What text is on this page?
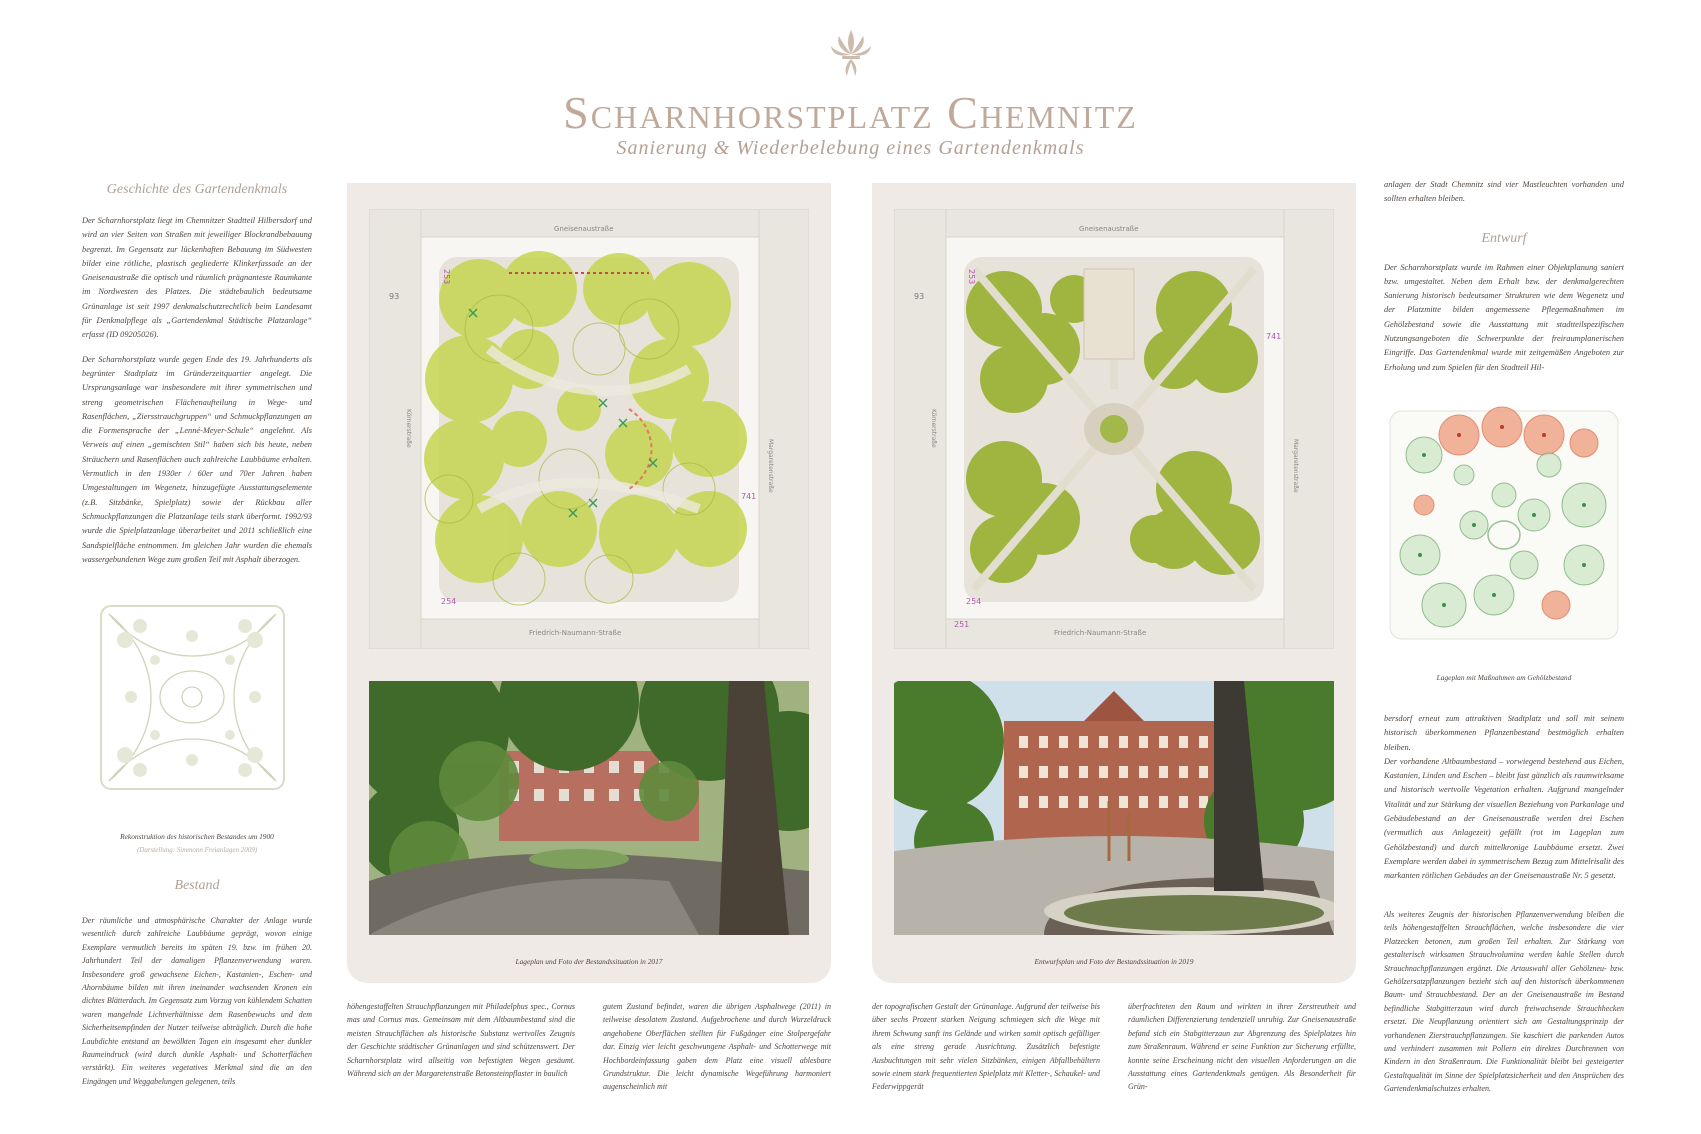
Scharnhorstplatz Chemnitz
Sanierung & Wiederbelebung eines Gartendenkmals
Geschichte des Gartendenkmals

Der Scharnhorstplatz liegt im Chemnitzer Stadtteil Hilbersdorf und wird an vier Seiten von Straßen mit jeweiliger Blockrandbebauung begrenzt. Im Gegensatz zur lückenhaften Bebauung im Südwesten bildet eine rötliche, plastisch gegliederte Klinkerfassade an der Gneisenaustraße die optisch und räumlich prägnanteste Raumkante im Nordwesten des Platzes. Die städtebaulich bedeutsame Grünanlage ist seit 1997 denkmalschutzrechtlich beim Landesamt für Denkmalpflege als „Gartendenkmal Städtische Platzanlage“ erfasst (ID 09205026).

Der Scharnhorstplatz wurde gegen Ende des 19. Jahrhunderts als begrünter Stadtplatz im Gründerzeitquartier angelegt. Die Ursprungsanlage war insbesondere mit ihrer symmetrischen und streng geometrischen Flächenaufteilung in Wege- und Rasenflächen, „Ziersstrauchgruppen“ und Schmuckpflanzungen an die Formensprache der „Lenné-Meyer-Schule“ angelehnt. Als Verweis auf einen „gemischten Stil“ haben sich bis heute, neben Sträuchern und Rasenflächen auch zahlreiche Laubbäume erhalten. Vermutlich in den 1930er / 60er und 70er Jahren haben Umgestaltungen im Wegenetz, hinzugefügte Ausstattungselemente (z.B. Sitzbänke, Spielplatz) sowie der Rückbau aller Schmuckpflanzungen die Platzanlage teils stark überformt. 1992/93 wurde die Spielplatzanlage überarbeitet und 2011 schließlich eine Sandspielfläche entnommen. Im gleichen Jahr wurden die ehemals wassergebundenen Wege zum großen Teil mit Asphalt überzogen.

Rekonstruktion des historischen Bestandes um 1900
(Darstellung: Simmonn Freianlagen 2009)
Bestand

Der räumliche und atmosphärische Charakter der Anlage wurde wesentlich durch zahlreiche Laubbäume geprägt, wovon einige Exemplare vermutlich bereits im späten 19. bzw. im frühen 20. Jahrhundert Teil der damaligen Pflanzenverwendung waren. Insbesondere groß gewachsene Eichen-, Kastanien-, Eschen- und Ahornbäume bilden mit ihren ineinander wachsenden Kronen ein dichtes Blätterdach. Im Gegensatz zum Vorzug von kühlendem Schatten waren mangelnde Lichtverhältnisse dem Rasenbewuchs und dem Sicherheitsempfinden der Nutzer teilweise abträglich. Durch die hohe Laubdichte entstand an bewölkten Tagen ein insgesamt eher dunkler Raumeindruck (wird durch dunkle Asphalt- und Schotterflächen verstärkt). Ein weiteres vegetatives Merkmal sind die an den Eingängen und Weggabelungen gelegenen, teils

Gneisenaustraße
Friedrich-Naumann-Straße
Körnerstraße
Margaretenstraße
253
254
741
93
Lageplan und Foto der Bestandssituation in 2017
Gneisenaustraße
Friedrich-Naumann-Straße
Körnerstraße
Margaretenstraße
253
254
741
251
93
Entwurfsplan und Foto der Bestandssituation in 2019
höhengestaffelten Strauchpflanzungen mit Philadelphus spec., Cornus mas und Cornus mas. Gemeinsam mit dem Altbaumbestand sind die meisten Strauchflächen als historische Substanz wertvolles Zeugnis der Geschichte städtischer Grünanlagen und sind schützenswert. Der Scharnhorstplatz wird allseitig von befestigten Wegen gesäumt. Während sich an der Margaretenstraße Betonsteinpflaster in baulich
gutem Zustand befindet, waren die übrigen Asphaltwege (2011) in teilweise desolatem Zustand. Aufgebrochene und durch Wurzeldruck angehobene Oberflächen stellten für Fußgänger eine Stolpergefahr dar. Einzig vier leicht geschwungene Asphalt- und Schotterwege mit Hochbordeinfassung gaben dem Platz eine visuell ablesbare Grundstruktur. Die leicht dynamische Wegeführung harmoniert augenscheinlich mit
der topografischen Gestalt der Grünanlage. Aufgrund der teilweise bis über sechs Prozent starken Neigung schmiegen sich die Wege mit ihrem Schwung sanft ins Gelände und wirken somit optisch gefälliger als eine streng gerade Ausrichtung. Zusätzlich befestigte Ausbuchtungen mit sehr vielen Sitzbänken, einigen Abfallbehältern sowie einem stark frequentierten Spielplatz mit Kletter-, Schaukel- und Federwippgerät
überfrachteten den Raum und wirkten in ihrer Zerstreutheit und räumlichen Differenzierung tendenziell unruhig. Zur Gneisenaustraße befand sich ein Stabgitterzaun zur Abgrenzung des Spielplatzes hin zum Straßenraum. Während er seine Funktion zur Sicherung erfüllte, konnte seine Erscheinung nicht den visuellen Anforderungen an die Ausstattung eines Gartendenkmals genügen. Als Besonderheit für Grün-

anlagen der Stadt Chemnitz sind vier Mastleuchten vorhanden und sollten erhalten bleiben.

Entwurf

Der Scharnhorstplatz wurde im Rahmen einer Objektplanung saniert bzw. umgestaltet. Neben dem Erhalt bzw. der denkmalgerechten Sanierung historisch bedeutsamer Strukturen wie dem Wegenetz und der Platzmitte bilden angemessene Pflegemaßnahmen im Gehölzbestand sowie die Ausstattung mit stadtteilspezifischen Nutzungsangeboten die Schwerpunkte der freiraumplanerischen Eingriffe. Das Gartendenkmal wurde mit zeitgemäßen Angeboten zur Erholung und zum Spielen für den Stadtteil Hil-

Lageplan mit Maßnahmen am Gehölzbestand

bersdorf erneut zum attraktiven Stadtplatz und soll mit seinem historisch überkommenen Pflanzenbestand bestmöglich erhalten bleiben.

Der vorhandene Altbaumbestand – vorwiegend bestehend aus Eichen, Kastanien, Linden und Eschen – bleibt fast gänzlich als raumwirksame und historisch wertvolle Vegetation erhalten. Aufgrund mangelnder Vitalität und zur Stärkung der visuellen Beziehung von Parkanlage und Gebäudebestand an der Gneisenaustraße werden drei Eschen (vermutlich aus Anlagezeit) gefällt (rot im Lageplan zum Gehölzbestand) und durch mittelkronige Laubbäume ersetzt. Zwei Exemplare werden dabei in symmetrischem Bezug zum Mittelrisalit des markanten rötlichen Gebäudes an der Gneisenaustraße Nr. 5 gesetzt.

Als weiteres Zeugnis der historischen Pflanzenverwendung bleiben die teils höhengestaffelten Strauchflächen, welche insbesondere die vier Platzecken betonen, zum großen Teil erhalten. Zur Stärkung von gestalterisch wirksamen Strauchvolumina werden kahle Stellen durch Strauchnachpflanzungen ergänzt. Die Artauswahl aller Gehölzneu- bzw. Gehölzersatzpflanzungen bezieht sich auf den historisch überkommenen Baum- und Strauchbestand. Der an der Gneisenaustraße im Bestand befindliche Stabgitterzaun wird durch freiwachsende Strauchhecken ersetzt. Die Neupflanzung orientiert sich am Gestaltungsprinzip der vorhandenen Zierstrauchpflanzungen. Sie kaschiert die parkenden Autos und verhindert zusammen mit Pollern ein direktes Durchrennen von Kindern in den Straßenraum. Die Funktionalität bleibt bei gesteigerter Gestaltqualität im Sinne der Spielplatzsicherheit und den Ansprüchen des Gartendenkmalschutzes erhalten.
